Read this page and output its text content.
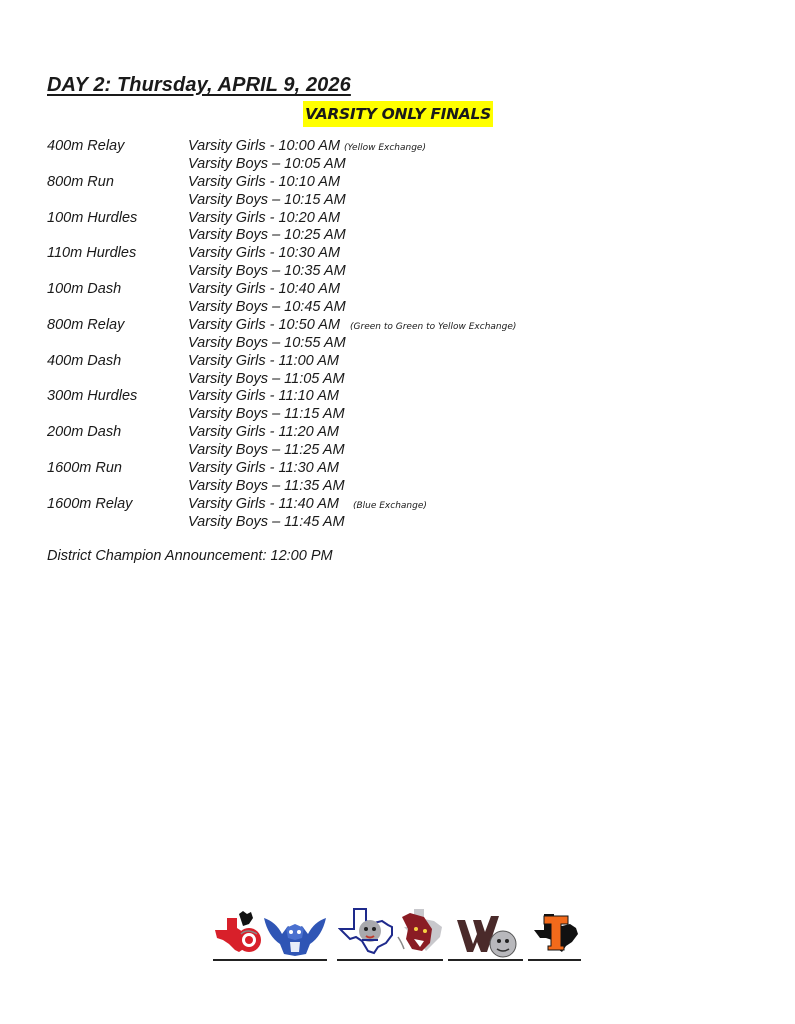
DAY 2: Thursday, APRIL 9, 2026
VARSITY ONLY FINALS
400m Relay	Varsity Girls - 10:00 AM (Yellow Exchange)
Varsity Boys – 10:05 AM
800m Run	Varsity Girls - 10:10 AM
Varsity Boys – 10:15 AM
100m Hurdles	Varsity Girls - 10:20 AM
Varsity Boys – 10:25 AM
110m Hurdles	Varsity Girls - 10:30 AM
Varsity Boys – 10:35 AM
100m Dash	Varsity Girls - 10:40 AM
Varsity Boys – 10:45 AM
800m Relay	Varsity Girls - 10:50 AM (Green to Green to Yellow Exchange)
Varsity Boys – 10:55 AM
400m Dash	Varsity Girls - 11:00 AM
Varsity Boys – 11:05 AM
300m Hurdles	Varsity Girls - 11:10 AM
Varsity Boys – 11:15 AM
200m Dash	Varsity Girls - 11:20 AM
Varsity Boys – 11:25 AM
1600m Run	Varsity Girls - 11:30 AM
Varsity Boys – 11:35 AM
1600m Relay	Varsity Girls - 11:40 AM (Blue Exchange)
Varsity Boys – 11:45 AM
District Champion Announcement: 12:00 PM
